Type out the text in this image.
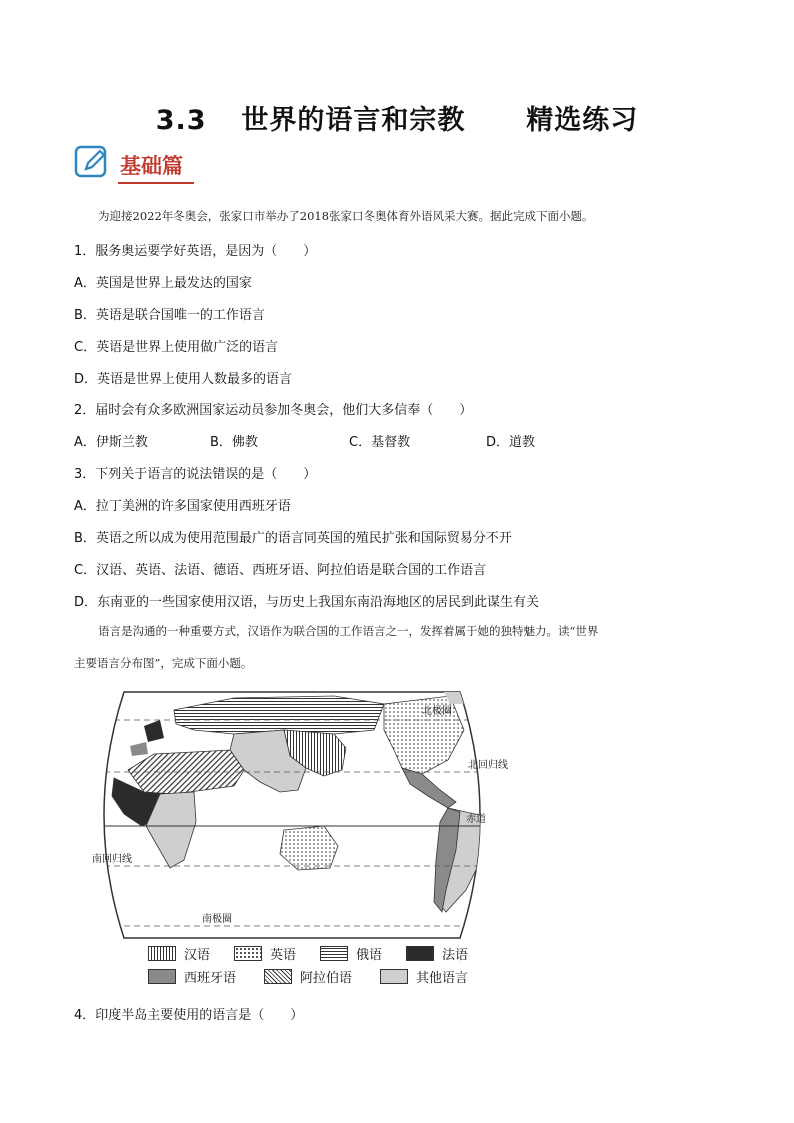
3.3 世界的语言和宗教 精选练习
基础篇
为迎接2022年冬奥会，张家口市举办了2018张家口冬奥体育外语风采大赛。据此完成下面小题。
1．服务奥运要学好英语，是因为（　　）
A．英国是世界上最发达的国家
B．英语是联合国唯一的工作语言
C．英语是世界上使用做广泛的语言
D．英语是世界上使用人数最多的语言
2．届时会有众多欧洲国家运动员参加冬奥会，他们大多信奉（　　）
A．伊斯兰教	B．佛教	C．基督教	D．道教
3．下列关于语言的说法错误的是（　　）
A．拉丁美洲的许多国家使用西班牙语
B．英语之所以成为使用范围最广的语言同英国的殖民扩张和国际贸易分不开
C．汉语、英语、法语、德语、西班牙语、阿拉伯语是联合国的工作语言
D．东南亚的一些国家使用汉语，与历史上我国东南沿海地区的居民到此谋生有关
语言是沟通的一种重要方式，汉语作为联合国的工作语言之一，发挥着属于她的独特魅力。读“世界
主要语言分布图”，完成下面小题。
北极圈
北回归线
赤道
南回归线
南极圈
汉语	英语	俄语	法语
西班牙语	阿拉伯语	其他语言
4．印度半岛主要使用的语言是（　　）
